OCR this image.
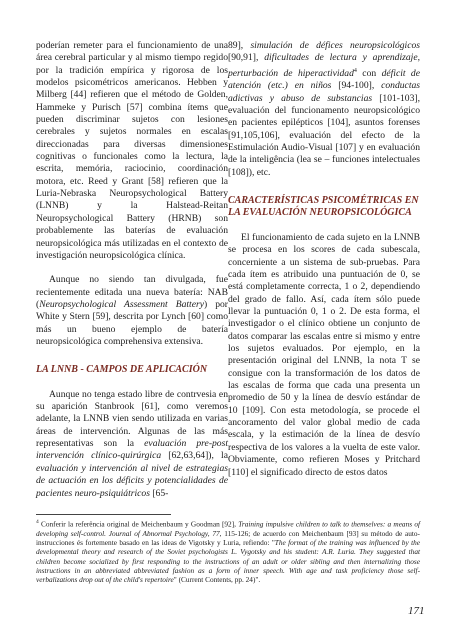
poderían remeter para el funcionamiento de una área cerebral particular y al mismo tiempo regido por la tradición empírica y rigorosa de los modelos psicométricos americanos. Hebben y Milberg [44] refieren que el método de Golden, Hammeke y Purisch [57] combina ítems que pueden discriminar sujetos con lesiones cerebrales y sujetos normales en escalas direccionadas para diversas dimensiones cognitivas o funcionales como la lectura, la escrita, memória, raciocinio, coordinación motora, etc. Reed y Grant [58] refieren que la Luria-Nebraska Neuropsychological Battery (LNNB) y la Halstead-Reitan Neuropsychological Battery (HRNB) son probablemente las baterías de evaluación neuropsicológica más utilizadas en el contexto de investigación neuropsicológica clínica.

Aunque no siendo tan divulgada, fue recientemente editada una nueva batería: NAB (Neuropsychological Assessment Battery) por White y Stern [59], descrita por Lynch [60] como más un bueno ejemplo de batería neuropsicológica comprehensiva extensiva.

LA LNNB - CAMPOS DE APLICACIÓN

Aunque no tenga estado libre de contrvesia en su aparición Stanbrook [61], como veremos adelante, la LNNB vien sendo utilizada en varias áreas de intervención. Algunas de las más representativas son la evaluación pre-post intervención clínico-quirúrgica [62,63,64]), la evaluación y intervención al nivel de estrategias de actuación en los déficits y potencialidades de pacientes neuro-psiquiátricos [65-

89], simulación de défices neuropsicológicos [90,91], dificultades de lectura y aprendizaje, perturbación de hiperactividad$^4$ con déficit de atención (etc.) en niños [94-100], conductas adictivas y abuso de substancias [101-103], evaluación del funcionamento neuropsicológico en pacientes epilépticos [104], asuntos forenses [91,105,106], evaluación del efecto de la Estimulación Audio-Visual [107] y en evaluación de la inteligência (lea se – funciones intelectuales [108]), etc.

CARACTERÍSTICAS PSICOMÉTRICAS EN LA EVALUACIÓN NEUROPSICOLÓGICA

El funcionamiento de cada sujeto en la LNNB se procesa en los scores de cada subescala, concerniente a un sistema de sub-pruebas. Para cada ítem es atribuido una puntuación de 0, se está completamente correcta, 1 o 2, dependiendo del grado de fallo. Así, cada ítem sólo puede llevar la puntuación 0, 1 o 2. De esta forma, el investigador o el clínico obtiene un conjunto de datos comparar las escalas entre si mismo y entre los sujetos evaluados. Por ejemplo, en la presentación original del LNNB, la nota T se consigue con la transformación de los datos de las escalas de forma que cada una presenta un promedio de 50 y la línea de desvío estándar de 10 [109]. Con esta metodología, se procede el ancoramento del valor global medio de cada escala, y la estimación de la línea de desvío respectiva de los valores a la vuelta de este valor. Obviamente, como refieren Moses y Pritchard [110] el significado directo de estos datos

$^4$ Conferir la referência original de Meichenbaum y Goodman [92], Training impulsive children to talk to themselves: a means of developing self-control. Journal of Abnormal Psychology, 77, 115-126; de acuerdo con Meichenbaum [93] su método de auto-instrucciones és fortemente basado en las ideas de Vigotsky y Luria, refiendo: "The format of the training was influenced by the developmental theory and research of the Soviet psychologists L. Vygotsky and his student: A.R. Luria. They suggested that children become socialized by first responding to the instructions of an adult or older sibling and then internalizing those instructions in an abbreviated abbreviated fashion as a form of inner speech. With age and task proficiency those self-verbalizations drop out of the child's repertoire" (Current Contents, pp. 24)".

171
